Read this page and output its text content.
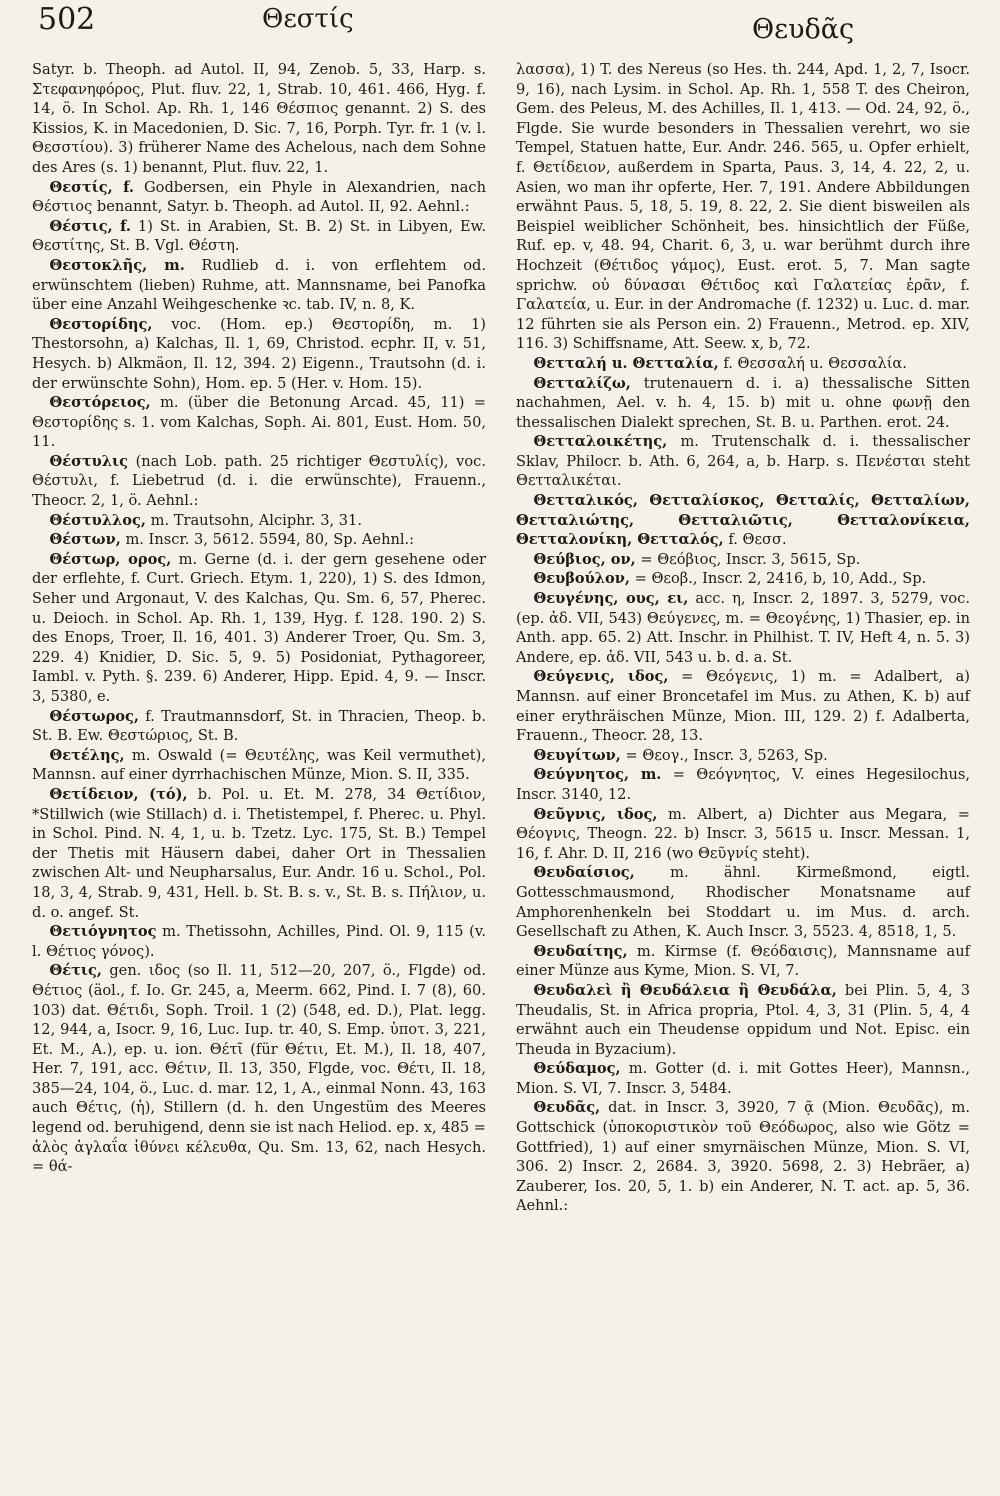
502	Θεστίς	Θευδᾶς

Satyr. b. Theoph. ad Autol. II, 94, Zenob. 5, 33, Harp. s. Στεφανηφόρος, Plut. fluv. 22, 1, Strab. 10, 461. 466, Hyg. f. 14, ö. In Schol. Ap. Rh. 1, 146 Θέσπιος genannt. 2) S. des Kissios, K. in Macedonien, D. Sic. 7, 16, Porph. Tyr. fr. 1 (v. l. Θεσστίου). 3) früherer Name des Achelous, nach dem Sohne des Ares (s. 1) benannt, Plut. fluv. 22, 1.

Θεστίς, f. Godbersen, ein Phyle in Alexandrien, nach Θέστιος benannt, Satyr. b. Theoph. ad Autol. II, 92. Aehnl.:

Θέστις, f. 1) St. in Arabien, St. B. 2) St. in Libyen, Ew. Θεστίτης, St. B. Vgl. Θέστη.

Θεστοκλῆς, m. Rudlieb d. i. von erflehtem od. erwünschtem (lieben) Ruhme, att. Mannsname, bei Panofka über eine Anzahl Weihgeschenke ꝛc. tab. IV, n. 8, K.

Θεστορίδης, voc. (Hom. ep.) Θεστορίδη, m. 1) Thestorsohn, a) Kalchas, Il. 1, 69, Christod. ecphr. II, v. 51, Hesych. b) Alkmäon, Il. 12, 394. 2) Eigenn., Trautsohn (d. i. der erwünschte Sohn), Hom. ep. 5 (Her. v. Hom. 15).

Θεστόρειος, m. (über die Betonung Arcad. 45, 11) = Θεστορίδης s. 1. vom Kalchas, Soph. Ai. 801, Eust. Hom. 50, 11.

Θέστυλις (nach Lob. path. 25 richtiger Θεστυλίς), voc. Θέστυλι, f. Liebetrud (d. i. die erwünschte), Frauenn., Theocr. 2, 1, ö. Aehnl.:

Θέστυλλος, m. Trautsohn, Alciphr. 3, 31.

Θέστων, m. Inscr. 3, 5612. 5594, 80, Sp. Aehnl.:

Θέστωρ, ορος, m. Gerne (d. i. der gern gesehene oder der erflehte, f. Curt. Griech. Etym. 1, 220), 1) S. des Idmon, Seher und Argonaut, V. des Kalchas, Qu. Sm. 6, 57, Pherec. u. Deioch. in Schol. Ap. Rh. 1, 139, Hyg. f. 128. 190. 2) S. des Enops, Troer, Il. 16, 401. 3) Anderer Troer, Qu. Sm. 3, 229. 4) Knidier, D. Sic. 5, 9. 5) Posidoniat, Pythagoreer, Iambl. v. Pyth. §. 239. 6) Anderer, Hipp. Epid. 4, 9. — Inscr. 3, 5380, e.

Θέστωρος, f. Trautmannsdorf, St. in Thracien, Theop. b. St. B. Ew. Θεστώριος, St. B.

Θετέλης, m. Oswald (= Θευτέλης, was Keil vermuthet), Mannsn. auf einer dyrrhachischen Münze, Mion. S. II, 335.

Θετίδειον, (τό), b. Pol. u. Et. M. 278, 34 Θετίδιον, *Stillwich (wie Stillach) d. i. Thetistempel, f. Pherec. u. Phyl. in Schol. Pind. N. 4, 1, u. b. Tzetz. Lyc. 175, St. B.) Tempel der Thetis mit Häusern dabei, daher Ort in Thessalien zwischen Alt- und Neupharsalus, Eur. Andr. 16 u. Schol., Pol. 18, 3, 4, Strab. 9, 431, Hell. b. St. B. s. v., St. B. s. Πήλιον, u. d. o. angef. St.

Θετιόγνητος m. Thetissohn, Achilles, Pind. Ol. 9, 115 (v. l. Θέτιος γόνος).

Θέτις, gen. ιδος (so Il. 11, 512—20, 207, ö., Flgde) od. Θέτιος (äol., f. Io. Gr. 245, a, Meerm. 662, Pind. I. 7 (8), 60. 103) dat. Θέτιδι, Soph. Troil. 1 (2) (548, ed. D.), Plat. legg. 12, 944, a, Isocr. 9, 16, Luc. Iup. tr. 40, S. Emp. ὑποτ. 3, 221, Et. M., A.), ep. u. ion. Θέτῖ (für Θέτιι, Et. M.), Il. 18, 407, Her. 7, 191, acc. Θέτιν, Il. 13, 350, Flgde, voc. Θέτι, Il. 18, 385—24, 104, ö., Luc. d. mar. 12, 1, A., einmal Nonn. 43, 163 auch Θέτις, (ἡ), Stillern (d. h. den Ungestüm des Meeres legend od. beruhigend, denn sie ist nach Heliod. ep. x, 485 = ἁλὸς ἀγλαΐα ἰθύνει κέλευθα, Qu. Sm. 13, 62, nach Hesych. = θά-

λασσα), 1) T. des Nereus (so Hes. th. 244, Apd. 1, 2, 7, Isocr. 9, 16), nach Lysim. in Schol. Ap. Rh. 1, 558 T. des Cheiron, Gem. des Peleus, M. des Achilles, Il. 1, 413. — Od. 24, 92, ö., Flgde. Sie wurde besonders in Thessalien verehrt, wo sie Tempel, Statuen hatte, Eur. Andr. 246. 565, u. Opfer erhielt, f. Θετίδειον, außerdem in Sparta, Paus. 3, 14, 4. 22, 2, u. Asien, wo man ihr opferte, Her. 7, 191. Andere Abbildungen erwähnt Paus. 5, 18, 5. 19, 8. 22, 2. Sie dient bisweilen als Beispiel weiblicher Schönheit, bes. hinsichtlich der Füße, Ruf. ep. v, 48. 94, Charit. 6, 3, u. war berühmt durch ihre Hochzeit (Θέτιδος γάμος), Eust. erot. 5, 7. Man sagte sprichw. οὐ δύνασαι Θέτιδος καὶ Γαλατείας ἐρᾶν, f. Γαλατεία, u. Eur. in der Andromache (f. 1232) u. Luc. d. mar. 12 führten sie als Person ein. 2) Frauenn., Metrod. ep. XIV, 116. 3) Schiffsname, Att. Seew. x, b, 72.

Θετταλή u. Θετταλία, f. Θεσσαλή u. Θεσσαλία.

Θετταλίζω, trutenauern d. i. a) thessalische Sitten nachahmen, Ael. v. h. 4, 15. b) mit u. ohne φωνῇ den thessalischen Dialekt sprechen, St. B. u. Parthen. erot. 24.

Θετταλοικέτης, m. Trutenschalk d. i. thessalischer Sklav, Philocr. b. Ath. 6, 264, a, b. Harp. s. Πενέσται steht Θετταλικέται.

Θετταλικός, Θετταλίσκος, Θετταλίς, Θετταλίων, Θετταλιώτης, Θετταλιῶτις, Θετταλονίκεια, Θετταλονίκη, Θετταλός, f. Θεσσ.

Θεύβιος, ον, = Θεόβιος, Inscr. 3, 5615, Sp.

Θευβούλον, = Θεοβ., Inscr. 2, 2416, b, 10, Add., Sp.

Θευγένης, ους, ει, acc. η, Inscr. 2, 1897. 3, 5279, voc. (ep. ἀδ. VII, 543) Θεύγενες, m. = Θεογένης, 1) Thasier, ep. in Anth. app. 65. 2) Att. Inschr. in Philhist. T. IV, Heft 4, n. 5. 3) Andere, ep. ἀδ. VII, 543 u. b. d. a. St.

Θεύγενις, ιδος, = Θεόγενις, 1) m. = Adalbert, a) Mannsn. auf einer Broncetafel im Mus. zu Athen, K. b) auf einer erythräischen Münze, Mion. III, 129. 2) f. Adalberta, Frauenn., Theocr. 28, 13.

Θευγίτων, = Θεογ., Inscr. 3, 5263, Sp.

Θεύγνητος, m. = Θεόγνητος, V. eines Hegesilochus, Inscr. 3140, 12.

Θεῦγνις, ιδος, m. Albert, a) Dichter aus Megara, = Θέογνις, Theogn. 22. b) Inscr. 3, 5615 u. Inscr. Messan. 1, 16, f. Ahr. D. II, 216 (wo Θεῦγνίς steht).

Θευδαίσιος, m. ähnl. Kirmeßmond, eigtl. Gottesschmausmond, Rhodischer Monatsname auf Amphorenhenkeln bei Stoddart u. im Mus. d. arch. Gesellschaft zu Athen, K. Auch Inscr. 3, 5523. 4, 8518, 1, 5.

Θευδαίτης, m. Kirmse (f. Θεόδαισις), Mannsname auf einer Münze aus Kyme, Mion. S. VI, 7.

Θευδαλεὶ ἢ Θευδάλεια ἢ Θευδάλα, bei Plin. 5, 4, 3 Theudalis, St. in Africa propria, Ptol. 4, 3, 31 (Plin. 5, 4, 4 erwähnt auch ein Theudense oppidum und Not. Episc. ein Theuda in Byzacium).

Θεύδαμος, m. Gotter (d. i. mit Gottes Heer), Mannsn., Mion. S. VI, 7. Inscr. 3, 5484.

Θευδᾶς, dat. in Inscr. 3, 3920, 7 ᾷ (Mion. Θευδᾶς), m. Gottschick (ὑποκοριστικὸν τοῦ Θεόδωρος, also wie Götz = Gottfried), 1) auf einer smyrnäischen Münze, Mion. S. VI, 306. 2) Inscr. 2, 2684. 3, 3920. 5698, 2. 3) Hebräer, a) Zauberer, Ios. 20, 5, 1. b) ein Anderer, N. T. act. ap. 5, 36. Aehnl.:
